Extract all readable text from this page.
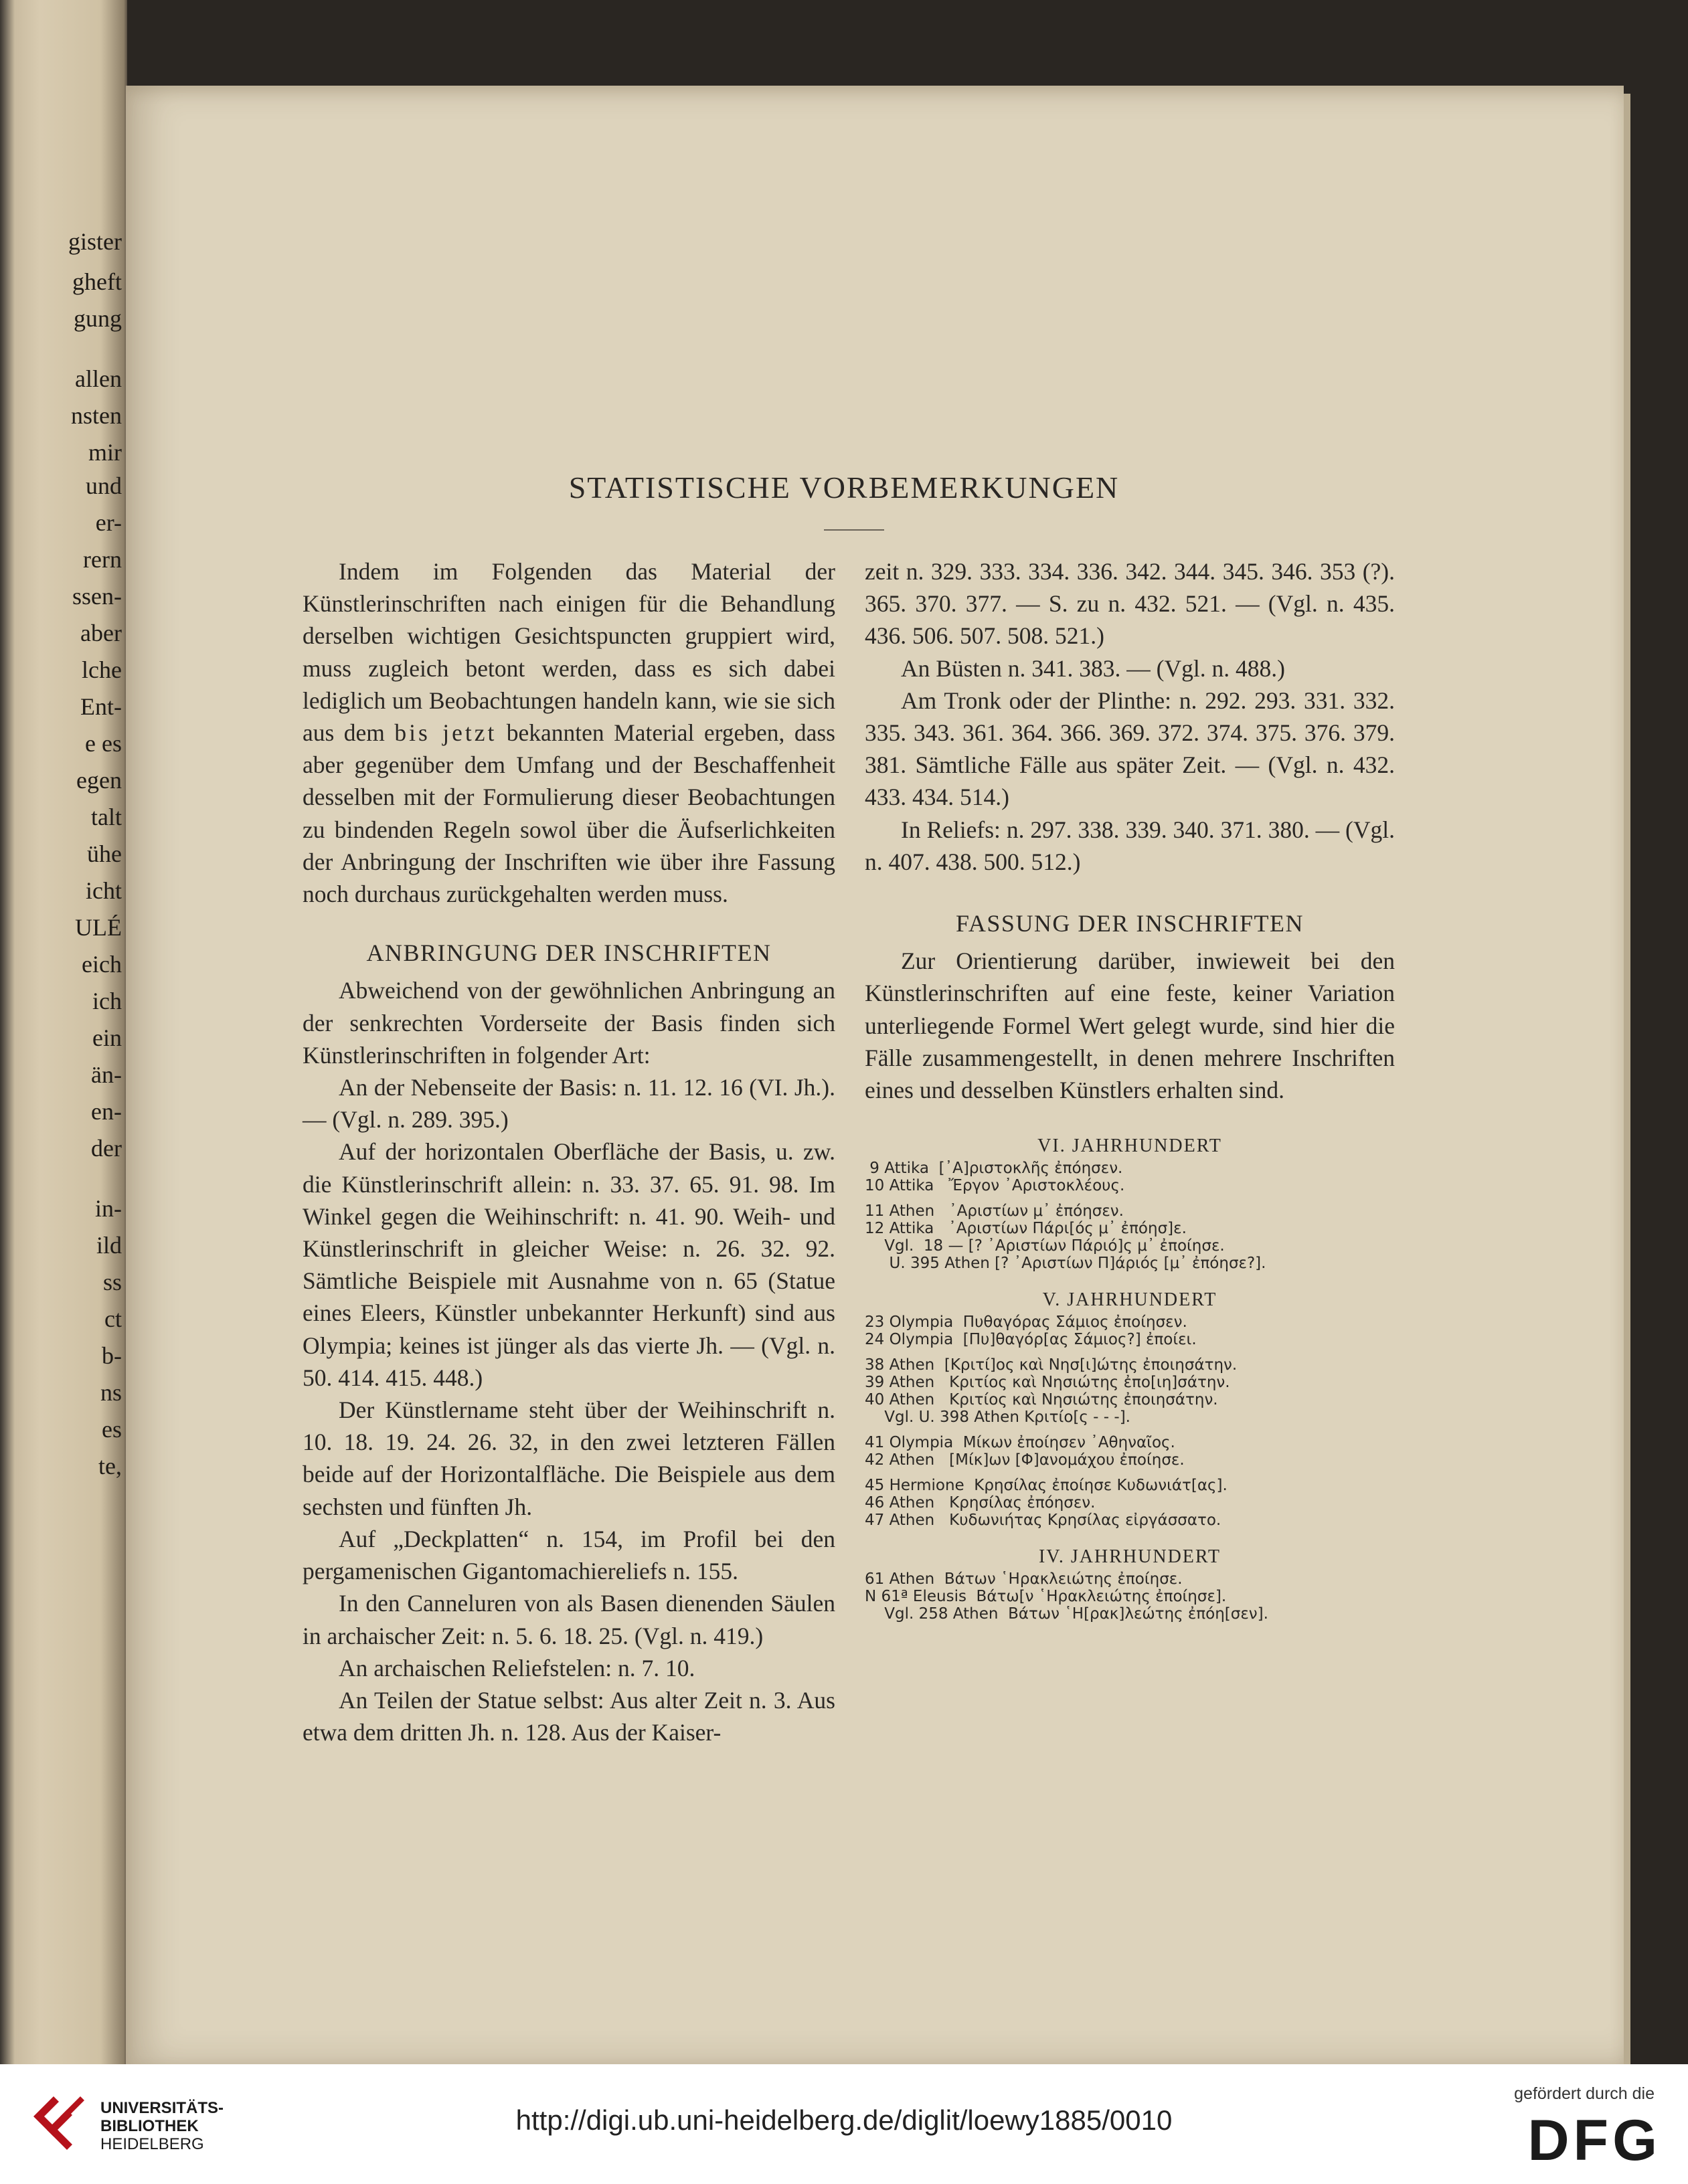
gister
gheft
gung
allen
nsten
mir
und
er-
rern
ssen-
aber
lche
Ent-
e es
egen
talt
ühe
icht
ULÉ
eich
ich
ein
än-
en-
der
in-
ild
ss
ct
b-
ns
es
te,
STATISTISCHE VORBEMERKUNGEN

Indem im Folgenden das Material der Künstlerinschriften nach einigen für die Behandlung derselben wichtigen Gesichtspuncten gruppiert wird, muss zugleich betont werden, dass es sich dabei lediglich um Beobachtungen handeln kann, wie sie sich aus dem bis jetzt bekannten Material ergeben, dass aber gegenüber dem Umfang und der Beschaffenheit desselben mit der Formulierung dieser Beobachtungen zu bindenden Regeln sowol über die Äufserlichkeiten der Anbringung der Inschriften wie über ihre Fassung noch durchaus zurückgehalten werden muss.

ANBRINGUNG DER INSCHRIFTEN

Abweichend von der gewöhnlichen Anbringung an der senkrechten Vorderseite der Basis finden sich Künstlerinschriften in folgender Art:

An der Nebenseite der Basis: n. 11. 12. 16 (VI. Jh.). — (Vgl. n. 289. 395.)

Auf der horizontalen Oberfläche der Basis, u. zw. die Künstlerinschrift allein: n. 33. 37. 65. 91. 98. Im Winkel gegen die Weihinschrift: n. 41. 90. Weih- und Künstlerinschrift in gleicher Weise: n. 26. 32. 92. Sämtliche Beispiele mit Ausnahme von n. 65 (Statue eines Eleers, Künstler unbekannter Herkunft) sind aus Olympia; keines ist jünger als das vierte Jh. — (Vgl. n. 50. 414. 415. 448.)

Der Künstlername steht über der Weihinschrift n. 10. 18. 19. 24. 26. 32, in den zwei letzteren Fällen beide auf der Horizontalfläche. Die Beispiele aus dem sechsten und fünften Jh.

Auf „Deckplatten“ n. 154, im Profil bei den pergamenischen Gigantomachiereliefs n. 155.

In den Canneluren von als Basen dienenden Säulen in archaischer Zeit: n. 5. 6. 18. 25. (Vgl. n. 419.)

An archaischen Reliefstelen: n. 7. 10.

An Teilen der Statue selbst: Aus alter Zeit n. 3. Aus etwa dem dritten Jh. n. 128. Aus der Kaiser-

zeit n. 329. 333. 334. 336. 342. 344. 345. 346. 353 (?). 365. 370. 377. — S. zu n. 432. 521. — (Vgl. n. 435. 436. 506. 507. 508. 521.)

An Büsten n. 341. 383. — (Vgl. n. 488.)

Am Tronk oder der Plinthe: n. 292. 293. 331. 332. 335. 343. 361. 364. 366. 369. 372. 374. 375. 376. 379. 381. Sämtliche Fälle aus später Zeit. — (Vgl. n. 432. 433. 434. 514.)

In Reliefs: n. 297. 338. 339. 340. 371. 380. — (Vgl. n. 407. 438. 500. 512.)

FASSUNG DER INSCHRIFTEN

Zur Orientierung darüber, inwieweit bei den Künstlerinschriften auf eine feste, keiner Variation unterliegende Formel Wert gelegt wurde, sind hier die Fälle zusammengestellt, in denen mehrere Inschriften eines und desselben Künstlers erhalten sind.

VI. JAHRHUNDERT

9 Attika  [᾿Α]ριστοκλῆς ἐπόησεν.
10 Attika   Ἔργον ᾿Αριστοκλέους.
11 Athen   ᾿Αριστίων μ᾿ ἐπόησεν.
12 Attika   ᾿Αριστίων Πάρι[ός μ᾿ ἐπόησ]ε.
Vgl.  18 — [? ᾿Αριστίων Πάριό]ς μ᾿ ἐποίησε.
U. 395 Athen [? ᾿Αριστίων Π]άριός [μ᾿ ἐπόησε?].

V. JAHRHUNDERT

23 Olympia  Πυθαγόρας Σάμιος ἐποίησεν.
24 Olympia  [Πυ]θαγόρ[ας Σάμιος?] ἐποίει.
38 Athen  [Κριτί]ος καὶ Νησ[ι]ώτης ἐποιησάτην.
39 Athen   Κριτίος καὶ Νησιώτης ἐπο[ιη]σάτην.
40 Athen   Κριτίος καὶ Νησιώτης ἐποιησάτην.
Vgl. U. 398 Athen Κριτίο[ς - - -].
41 Olympia  Μίκων ἐποίησεν ᾿Αθηναῖος.
42 Athen   [Μίκ]ων [Φ]ανομάχου ἐποίησε.
45 Hermione  Κρησίλας ἐποίησε Κυδωνιάτ[ας].
46 Athen   Κρησίλας ἐπόησεν.
47 Athen   Κυδωνιήτας Κρησίλας εἰργάσσατο.

IV. JAHRHUNDERT

61 Athen  Βάτων ῾Ηρακλειώτης ἐποίησε.
N 61ª Eleusis  Βάτω[ν ῾Ηρακλειώτης ἐποίησε].
Vgl. 258 Athen  Βάτων ῾Η[ρακ]λεώτης ἐπόη[σεν].
UNIVERSITÄTS-
BIBLIOTHEK
HEIDELBERG
http://digi.ub.uni-heidelberg.de/diglit/loewy1885/0010
gefördert durch die
DFG
